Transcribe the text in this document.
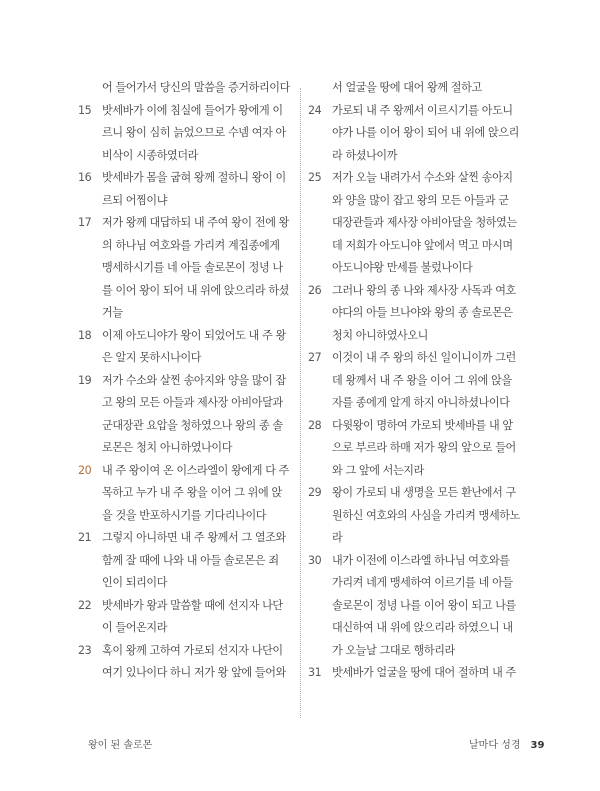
어 들어가서 당신의 말씀을 증거하리이다
15 밧세바가 이에 침실에 들어가 왕에게 이
르니 왕이 심히 늙었으므로 수넴 여자 아
비삭이 시종하였더라
16 밧세바가 몸을 굽혀 왕께 절하니 왕이 이
르되 어찜이냐
17 저가 왕께 대답하되 내 주여 왕이 전에 왕
의 하나님 여호와를 가리켜 계집종에게
맹세하시기를 네 아들 솔로몬이 정녕 나
를 이어 왕이 되어 내 위에 앉으리라 하셨
거늘
18 이제 아도니야가 왕이 되었어도 내 주 왕
은 알지 못하시나이다
19 저가 수소와 살찐 송아지와 양을 많이 잡
고 왕의 모든 아들과 제사장 아비아달과
군대장관 요압을 청하였으나 왕의 종 솔
로몬은 청치 아니하였나이다
20 내 주 왕이여 온 이스라엘이 왕에게 다 주
목하고 누가 내 주 왕을 이어 그 위에 앉
을 것을 반포하시기를 기다리나이다
21 그렇지 아니하면 내 주 왕께서 그 열조와
함께 잘 때에 나와 내 아들 솔로몬은 죄
인이 되리이다
22 밧세바가 왕과 말씀할 때에 선지자 나단
이 들어온지라
23 혹이 왕께 고하여 가로되 선지자 나단이
여기 있나이다 하니 저가 왕 앞에 들어와
서 얼굴을 땅에 대어 왕께 절하고
24 가로되 내 주 왕께서 이르시기를 아도니
야가 나를 이어 왕이 되어 내 위에 앉으리
라 하셨나이까
25 저가 오늘 내려가서 수소와 살찐 송아지
와 양을 많이 잡고 왕의 모든 아들과 군
대장관들과 제사장 아비아달을 청하였는
데 저희가 아도니야 앞에서 먹고 마시며
아도니야왕 만세를 불렀나이다
26 그러나 왕의 종 나와 제사장 사독과 여호
야다의 아들 브나야와 왕의 종 솔로몬은
청치 아니하였사오니
27 이것이 내 주 왕의 하신 일이니이까 그런
데 왕께서 내 주 왕을 이어 그 위에 앉을
자를 종에게 알게 하지 아니하셨나이다
28 다윗왕이 명하여 가로되 밧세바를 내 앞
으로 부르라 하매 저가 왕의 앞으로 들어
와 그 앞에 서는지라
29 왕이 가로되 내 생명을 모든 환난에서 구
원하신 여호와의 사심을 가리켜 맹세하노
라
30 내가 이전에 이스라엘 하나님 여호와를
가리켜 네게 맹세하여 이르기를 네 아들
솔로몬이 정녕 나를 이어 왕이 되고 나를
대신하여 내 위에 앉으리라 하였으니 내
가 오늘날 그대로 행하리라
31 밧세바가 얼굴을 땅에 대어 절하며 내 주
왕이 된 솔로몬	날마다 성경 39
